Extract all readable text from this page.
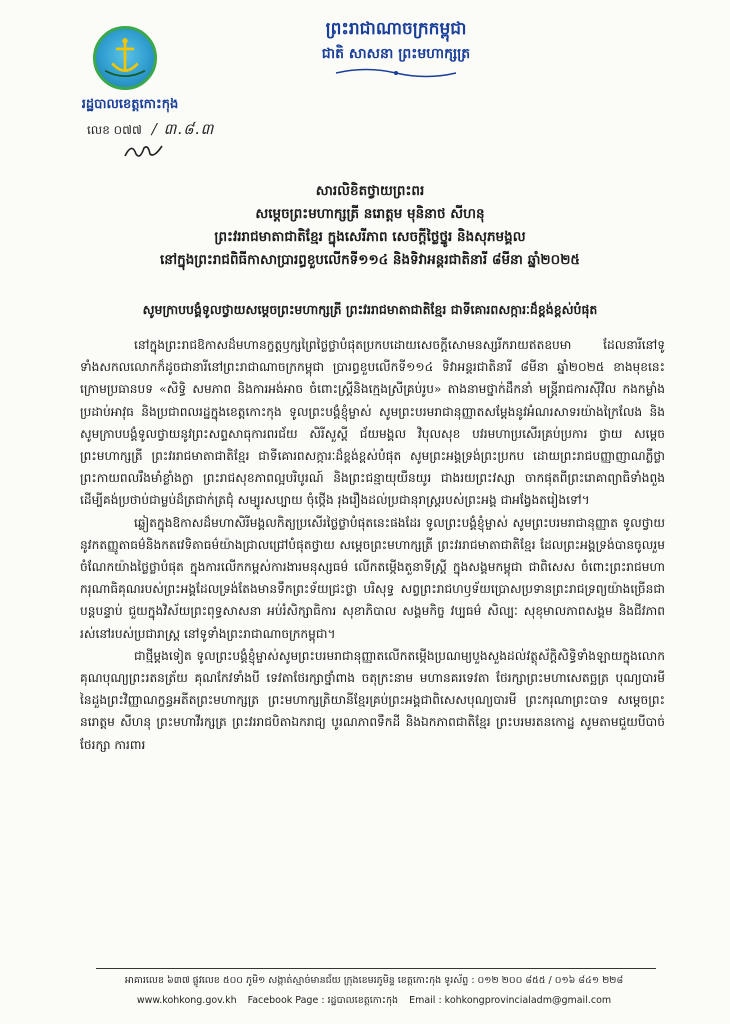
រដ្ឋបាលខេត្តកោះកុង
ព្រះរាជាណាចក្រកម្ពុជា
ជាតិ សាសនា ព្រះមហាក្សត្រ
លេខ ០៧៧ / ៣.៨.៣
សារលិខិតថ្វាយព្រះពរ
សម្តេចព្រះមហាក្សត្រី នរោត្តម មុនិនាថ សីហនុ
ព្រះវររាជមាតាជាតិខ្មែរ ក្នុងសេរីភាព សេចក្តីថ្លៃថ្នូរ និងសុភមង្គល
នៅក្នុងព្រះរាជពិធីកាសាប្រារព្ធខួបលើកទី១១៤ និងទិវាអន្តរជាតិនារី ៨មីនា ឆ្នាំ២០២៥
សូមក្រាបបង្គំទូលថ្វាយសម្តេចព្រះមហាក្សត្រី ព្រះវររាជមាតាជាតិខ្មែរ ជាទីគោរពសក្ការៈដ៏ខ្ពង់ខ្ពស់បំផុត

នៅក្នុងព្រះរាជឱកាសដ៏មហានក្ខត្តឫក្សព្រៃថ្លៃថ្លាបំផុតប្រកបដោយសេចក្តីសោមនស្សរីករាយឥតឧបមា ដែលនារីនៅទូទាំងសកលលោកក៏ដូចជានារីនៅព្រះរាជាណាចក្រកម្ពុជា ប្រារព្ធខួបលើកទី១១៤ ទិវាអន្តរជាតិនារី ៨មីនា ឆ្នាំ២០២៥ ខាងមុខនេះ ក្រោមប្រធានបទ «សិទ្ធិ សមភាព និងការអង់អាច ចំពោះស្ត្រីនិងក្មេងស្រីគ្រប់រូប» តាងនាមថ្នាក់ដឹកនាំ មន្ត្រីរាជការស៊ីវិល កងកម្លាំងប្រដាប់អាវុធ និងប្រជាពលរដ្ឋក្នុងខេត្តកោះកុង ទូលព្រះបង្គំខ្ញុំម្ចាស់ សូមព្រះបរមរាជានុញ្ញាតសម្តែងនូវអំណរសាទរយ៉ាងក្រៃលែង និងសូមក្រាបបង្គំទូលថ្វាយនូវព្រះសព្ទសាធុការពរជ័យ សិរីសួស្តី ជ័យមង្គល វិបុលសុខ បវរមហាប្រសើរគ្រប់ប្រការ ថ្វាយ សម្តេចព្រះមហាក្សត្រី ព្រះវររាជមាតាជាតិខ្មែរ ជាទីគោរពសក្ការៈដ៏ខ្ពង់ខ្ពស់បំផុត សូមព្រះអង្គទ្រង់ព្រះប្រកប ដោយព្រះរាជបញ្ញាញាណភ្លឺថ្លា ព្រះកាយពលរឹងមាំខ្លាំងក្លា ព្រះរាជសុខភាពល្អបរិបូរណ៍ និងព្រះជន្មាយុយឺនយូរ ជាងរយព្រះវស្សា ចាកផុតពីព្រះរោគាព្យាធិទាំងពួង ដើម្បីគង់ប្រថាប់ជាម្លប់ដ៏ត្រជាក់ត្រជុំ សម្បូរសប្បាយ ចុំថ្កើង រុងរឿងដល់ប្រជានុរាស្ត្ររបស់ព្រះអង្គ ជាអង្វែងតរៀងទៅ។

ឆ្លៀតក្នុងឱកាសដ៏មហាសិរីមង្គលកិត្យប្រសើរថ្លៃថ្លាបំផុតនេះផងដែរ ទូលព្រះបង្គំខ្ញុំម្ចាស់ សូមព្រះបរមរាជានុញ្ញាត ទូលថ្វាយនូវកតញ្ញូតាធម៌និងកតវេទិតាធម៌យ៉ាងជ្រាលជ្រៅបំផុតថ្វាយ សម្តេចព្រះមហាក្សត្រី ព្រះវររាជមាតាជាតិខ្មែរ ដែលព្រះអង្គទ្រង់បានចូលរួមចំណែកយ៉ាងថ្លៃថ្លាបំផុត ក្នុងការលើកកម្ពស់ការងារមនុស្សធម៌ លើកតម្កើងតួនាទីស្ត្រី ក្នុងសង្គមកម្ពុជា ជាពិសេស ចំពោះព្រះរាជមហាករុណាធិគុណរបស់ព្រះអង្គដែលទ្រង់តែងមានទឹកព្រះទ័យជ្រះថ្លា បរិសុទ្ធ សព្វព្រះរាជហឫទ័យប្រោសប្រទានព្រះរាជទ្រព្យយ៉ាងច្រើនជាបន្តបន្ទាប់ ជួយក្នុងវិស័យព្រះពុទ្ធសាសនា អប់រំសិក្សាធិការ សុខាភិបាល សង្គមកិច្ច វប្បធម៌ សិល្បៈ សុខុមាលភាពសង្គម និងជីវភាពរស់នៅរបស់ប្រជារាស្ត្រ នៅទូទាំងព្រះរាជាណាចក្រកម្ពុជា។

ជាថ្មីម្តងទៀត ទូលព្រះបង្គំខ្ញុំម្ចាស់សូមព្រះបរមរាជានុញ្ញាតលើកតម្កើងប្រណម្យបួងសួងដល់វត្ថុស័ក្តិសិទ្ធិទាំងឡាយក្នុងលោក គុណបុណ្យព្រះរតនត្រ័យ គុណកែវទាំងបី ទេវតាថែរក្សាថ្នាំពាង ចតុក្រះនាម មហានគរទេវតា ថែរក្សាព្រះមហាសេតច្ឆត្រ បុណ្យបារមីនៃដួងព្រះវិញ្ញាណក្ខន្ធអតីតព្រះមហាក្សត្រ ព្រះមហាក្សត្រិយានីខ្មែរគ្រប់ព្រះអង្គជាពិសេសបុណ្យបារមី ព្រះករុណាព្រះបាទ សម្តេចព្រះ នរោត្តម សីហនុ ព្រះមហាវីរក្សត្រ ព្រះវររាជបិតាឯករាជ្យ បូរណភាពទឹកដី និងឯកភាពជាតិខ្មែរ ព្រះបរមរតនកោដ្ឋ សូមតាមជួយបីបាច់ថែរក្សា ការពារ

អាគារលេខ ៦៣៧ ផ្លូវលេខ ៥០០ ភូមិ១ សង្កាត់ស្មាច់មានជ័យ ក្រុងខេមរភូមិន្ទ ខេត្តកោះកុង ទូរស័ព្ទ : ០១២ ២០០ ៨៥៥ / ០១៦ ៨៤១ ២២៨
www.kohkong.gov.kh Facebook Page : រដ្ឋបាលខេត្តកោះកុង Email : kohkongprovincialadm@gmail.com
